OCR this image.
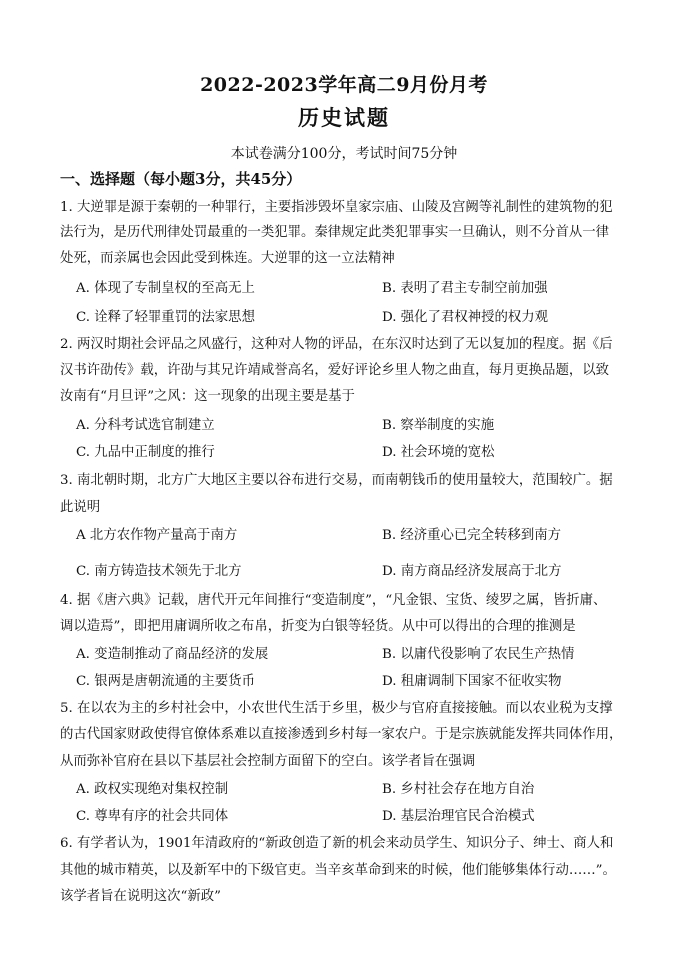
2022-2023学年高二9月份月考
历史试题
本试卷满分100分，考试时间75分钟
一、选择题（每小题3分，共45分）
1. 大逆罪是源于秦朝的一种罪行，主要指涉毁坏皇家宗庙、山陵及宫阙等礼制性的建筑物的犯
法行为，是历代刑律处罚最重的一类犯罪。秦律规定此类犯罪事实一旦确认，则不分首从一律
处死，而亲属也会因此受到株连。大逆罪的这一立法精神
A. 体现了专制皇权的至高无上	B. 表明了君主专制空前加强
C. 诠释了轻罪重罚的法家思想	D. 强化了君权神授的权力观
2. 两汉时期社会评品之风盛行，这种对人物的评品，在东汉时达到了无以复加的程度。据《后
汉书许劭传》载，许劭与其兄许靖咸誉高名，爱好评论乡里人物之曲直，每月更换品题，以致
汝南有“月旦评”之风：这一现象的出现主要是基于
A. 分科考试选官制建立	B. 察举制度的实施
C. 九品中正制度的推行	D. 社会环境的宽松
3. 南北朝时期，北方广大地区主要以谷布进行交易，而南朝钱币的使用量较大，范围较广。据
此说明
A 北方农作物产量高于南方	B. 经济重心已完全转移到南方
C. 南方铸造技术领先于北方	D. 南方商品经济发展高于北方
4. 据《唐六典》记载，唐代开元年间推行“变造制度”，“凡金银、宝货、绫罗之属，皆折庸、
调以造焉”，即把用庸调所收之布帛，折变为白银等轻货。从中可以得出的合理的推测是
A. 变造制推动了商品经济的发展	B. 以庸代役影响了农民生产热情
C. 银两是唐朝流通的主要货币	D. 租庸调制下国家不征收实物
5. 在以农为主的乡村社会中，小农世代生活于乡里，极少与官府直接接触。而以农业税为支撑
的古代国家财政使得官僚体系难以直接渗透到乡村每一家农户。于是宗族就能发挥共同体作用，
从而弥补官府在县以下基层社会控制方面留下的空白。该学者旨在强调
A. 政权实现绝对集权控制	B. 乡村社会存在地方自治
C. 尊卑有序的社会共同体	D. 基层治理官民合治模式
6. 有学者认为，1901年清政府的“新政创造了新的机会来动员学生、知识分子、绅士、商人和
其他的城市精英，以及新军中的下级官吏。当辛亥革命到来的时候，他们能够集体行动……”。
该学者旨在说明这次“新政”
